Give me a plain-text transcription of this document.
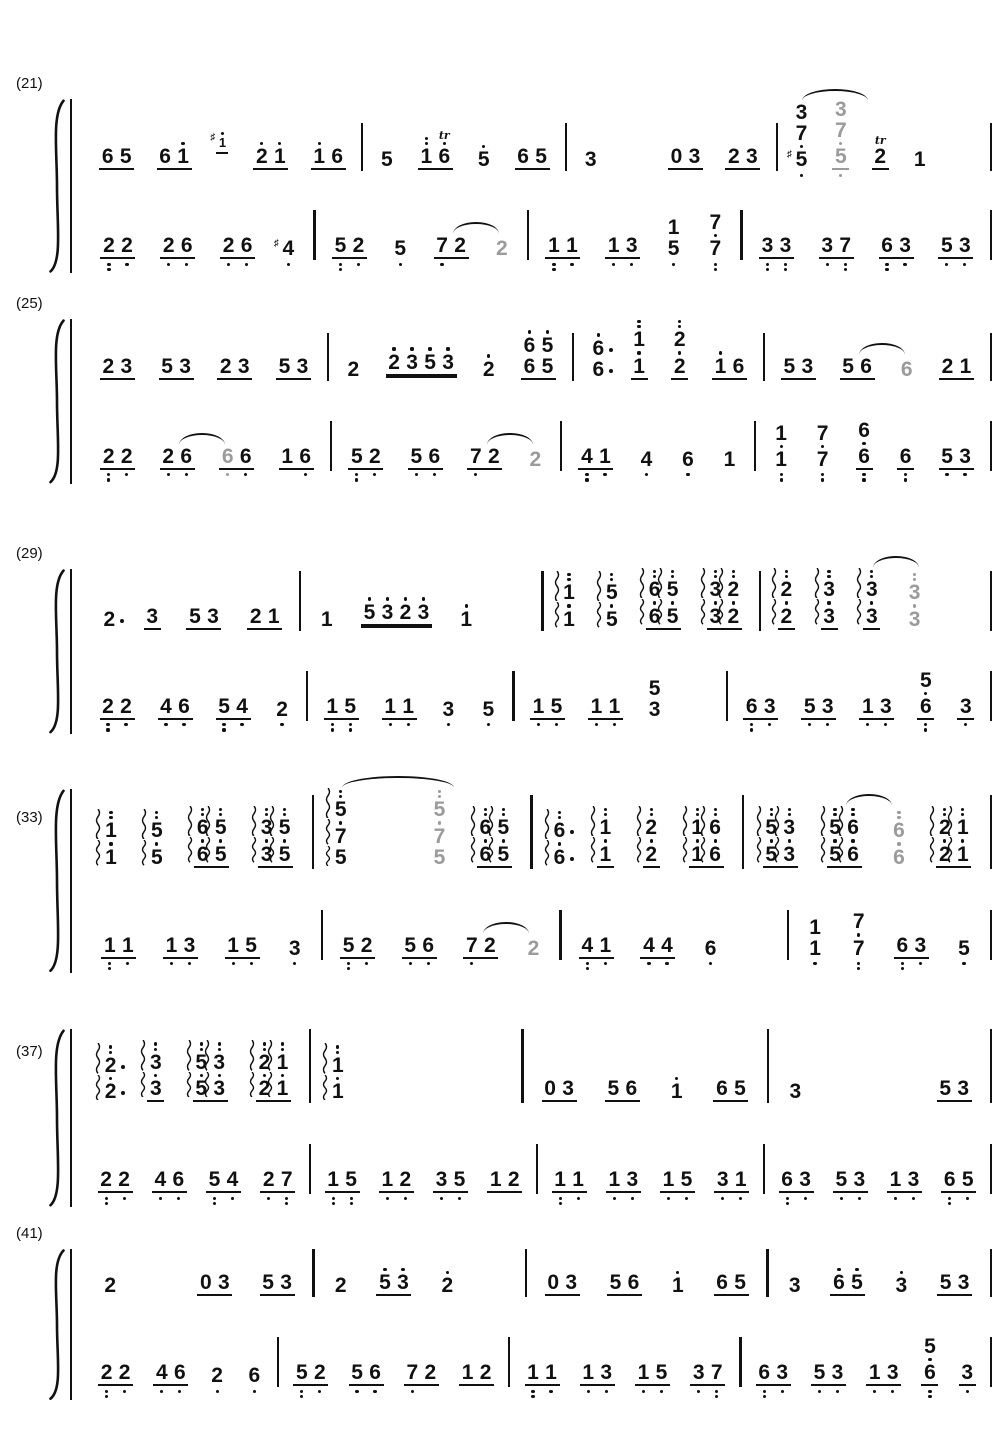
(21)
6 5 6 1
1
♯
2 1 1 6 5 1
tr
6 5 6 5 3	0 3 2 3
3
7
5
♯
3
7
5
tr
2 1
2 2 2 6 2 6 4
♯	5 2 5 7 2 2 1 1 1 3
1
5
7
7 3 3 3 7 6 3 5 3
(25)
2 3 5 3 2 3 5 3 2 2 3 5 3 2
6 5
6 5
6
6
1
1
2
2 1 6 5 3 5 6 6 2 1
2 2 2 6 6 6 1 6 5 2 5 6 7 2 2 4 1 4 6 1
1
1
7
7
6
6 6 5 3
(29)
2 3 5 3 2 1 1 5 3 2 3 1
1
1
5
5
6 5
6 5
3 2
3 2
2
2
3
3
3
3
3
3
2 2 4 6 5 4 2 1 5 1 1 3 5 1 5 1 1
5
3	6 3 5 3 1 3
5
6 3
(33)
1
1
5
5
6 5
6 5
3 5
3 5
5
7
5
5
7
5
6 5
6 5
6
6
1
1
2
2
1 6
1 6
5 3
5 3
5 6
5 6
6
6
2 1
2 1
1 1 1 3 1 5 3 5 2 5 6 7 2 2 4 1 4 4 6
1
1
7
7 6 3 5
(37)
2
2
3
3
5 3
5 3
2 1
2 1
1
1	0 3 5 6 1 6 5 3	5 3
2 2 4 6 5 4 2 7 1 5 1 2 3 5 1 2 1 1 1 3 1 5 3 1 6 3 5 3 1 3 6 5
(41)
2	0 3 5 3 2 5 3 2	0 3 5 6 1 6 5 3 6 5 3 5 3
2 2 4 6 2 6 5 2 5 6 7 2 1 2 1 1 1 3 1 5 3 7 6 3 5 3 1 3
5
6 3
